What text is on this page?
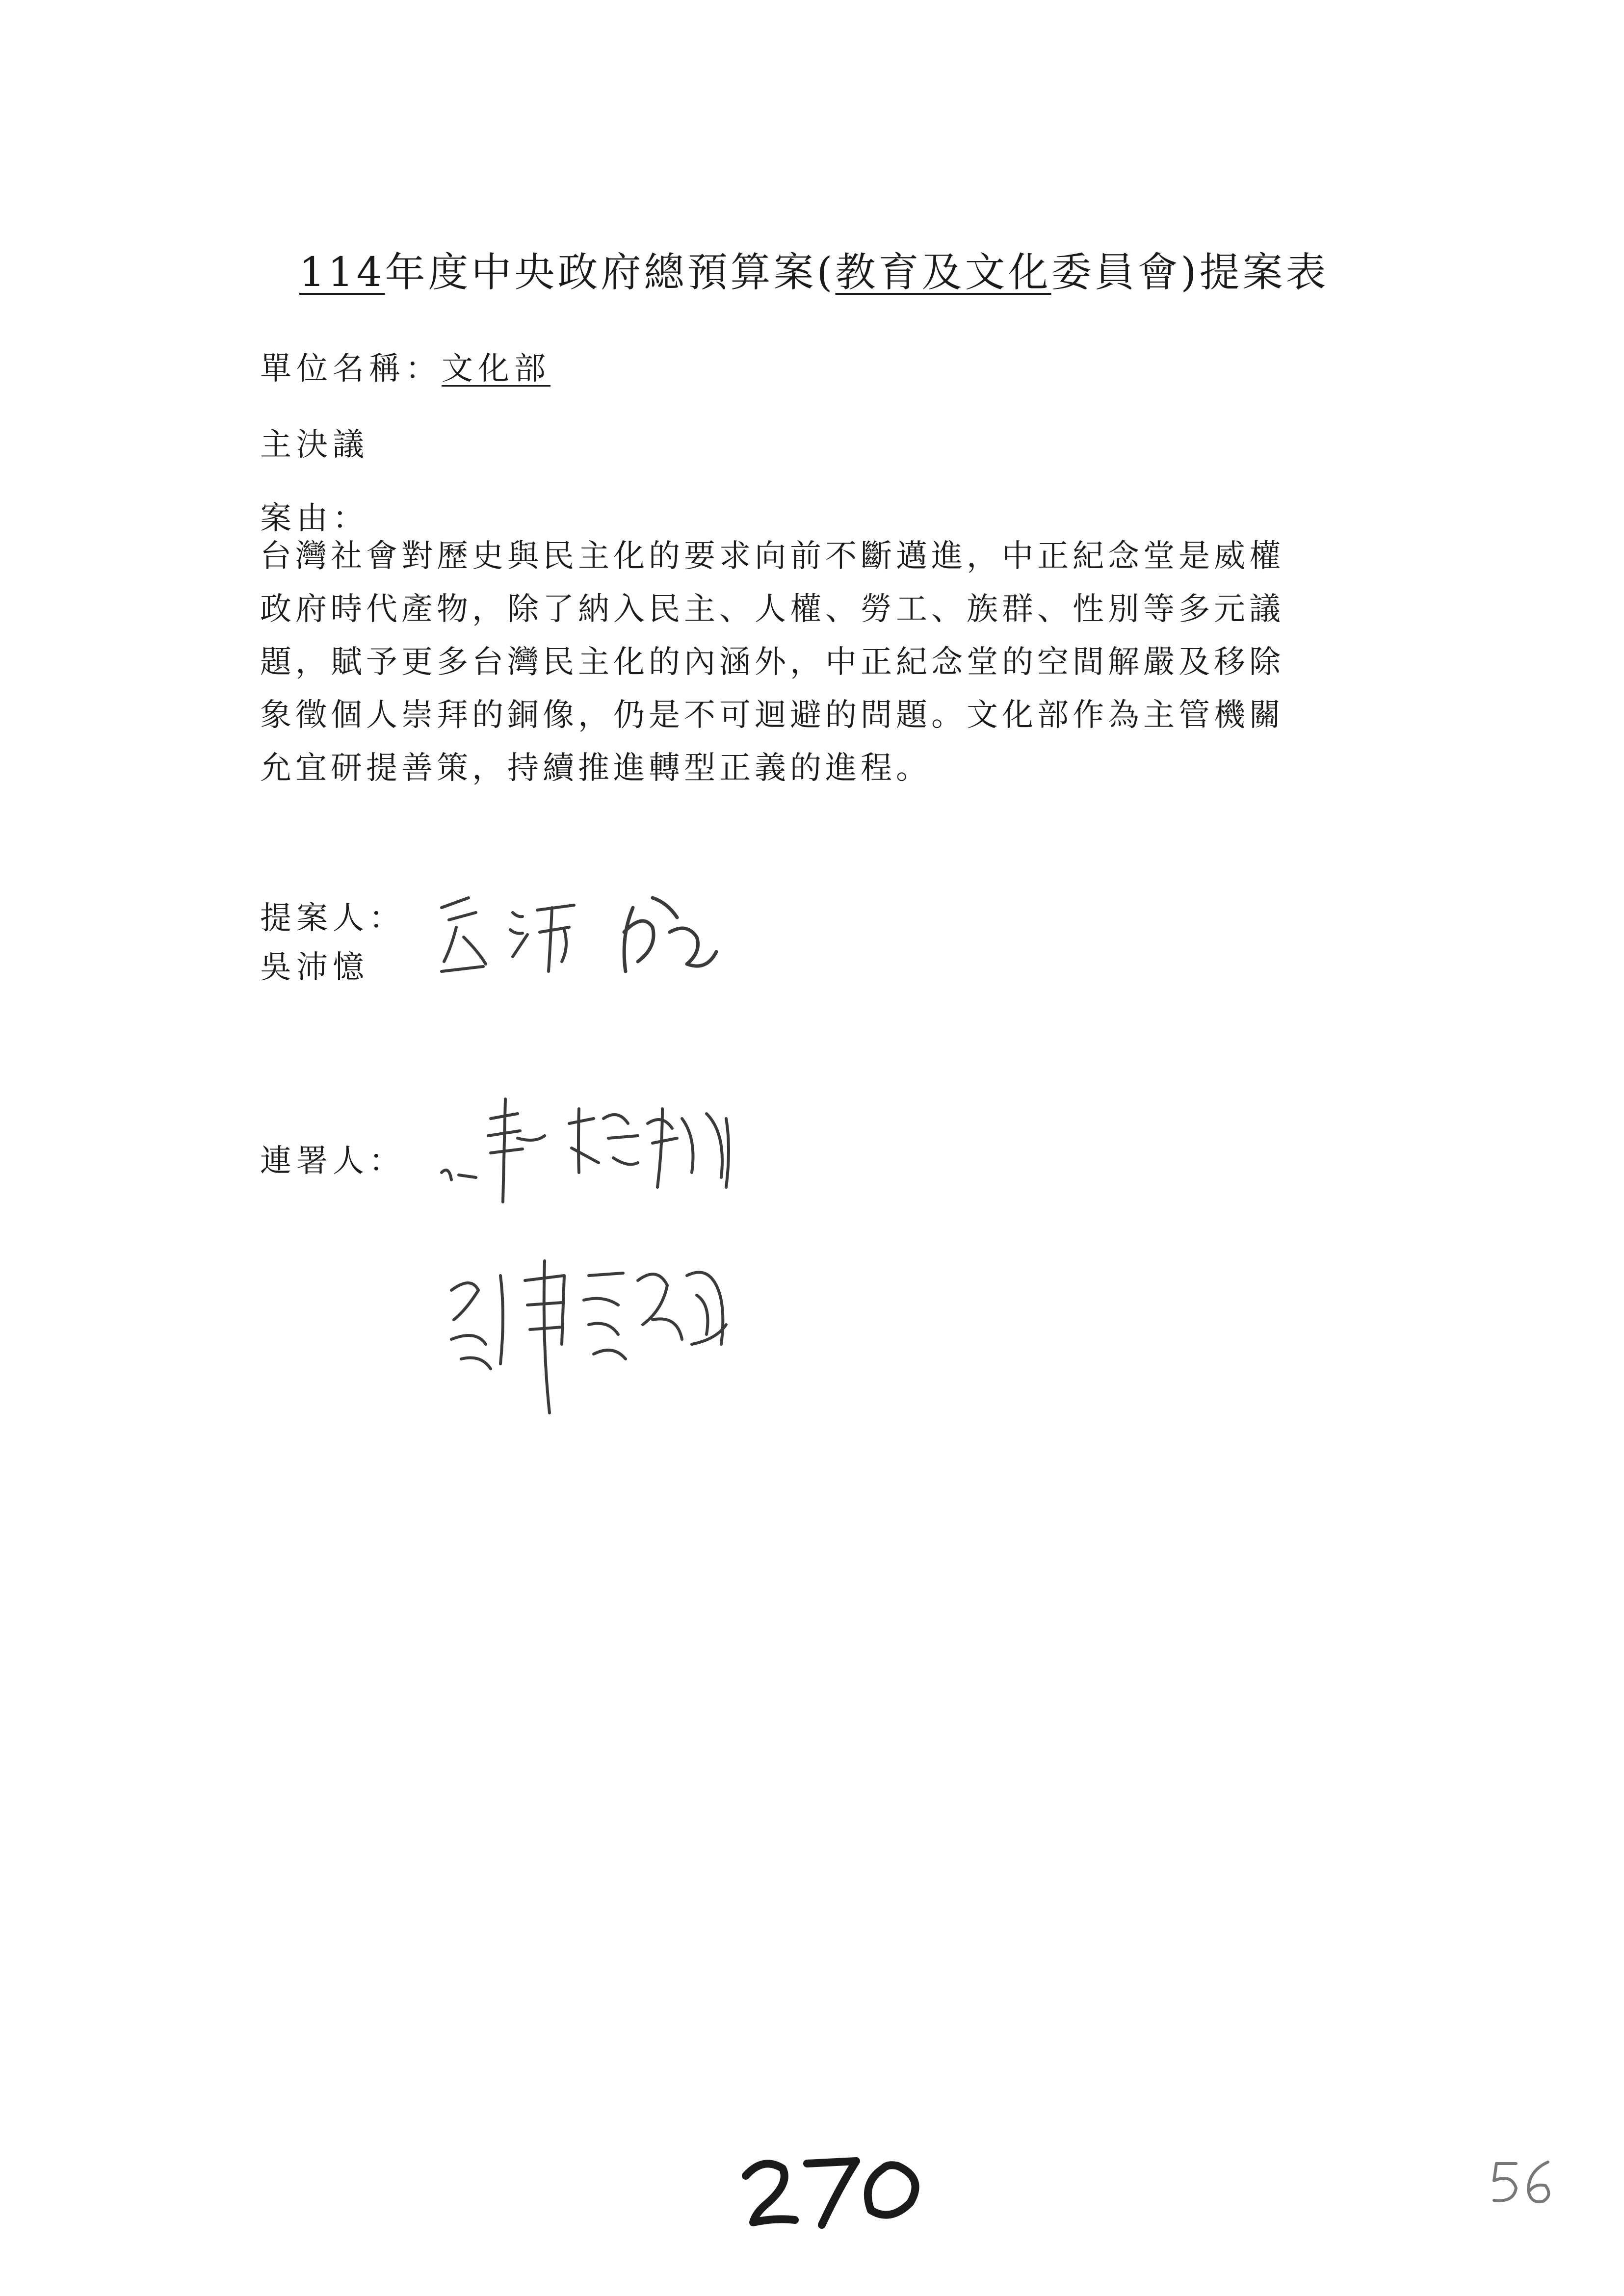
114年度中央政府總預算案(教育及文化委員會)提案表
單位名稱：文化部
主決議
案由：
台灣社會對歷史與民主化的要求向前不斷邁進，中正紀念堂是威權
政府時代產物，除了納入民主、人權、勞工、族群、性別等多元議
題，賦予更多台灣民主化的內涵外，中正紀念堂的空間解嚴及移除
象徵個人崇拜的銅像，仍是不可迴避的問題。文化部作為主管機關
允宜研提善策，持續推進轉型正義的進程。
提案人：
吳沛憶
連署人：
